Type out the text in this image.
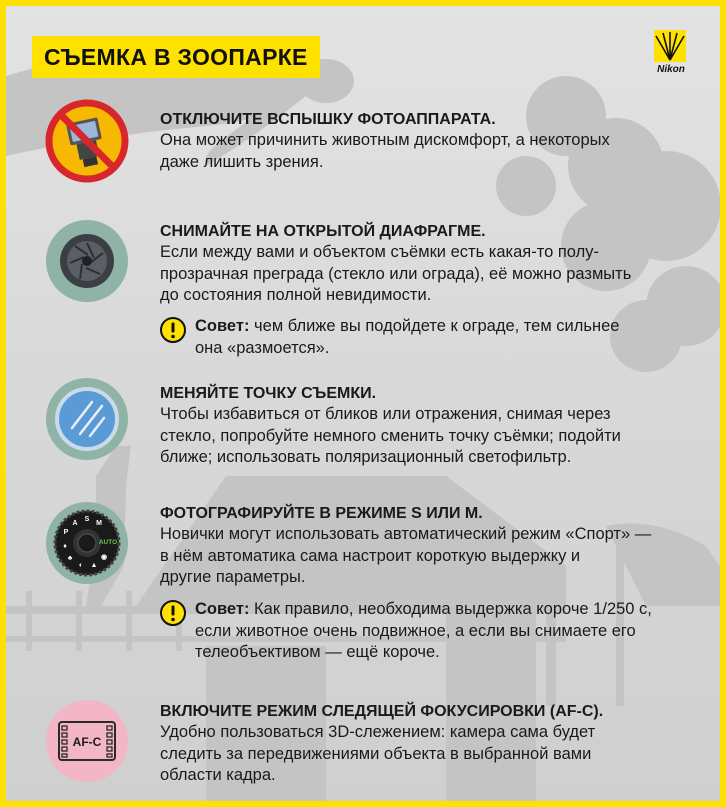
СЪЕМКА В ЗООПАРКЕ	Nikon

ОТКЛЮЧИТЕ ВСПЫШКУ ФОТОАППАРАТА.

Она может причинить животным дискомфорт, а некоторых

даже лишить зрения.

СНИМАЙТЕ НА ОТКРЫТОЙ ДИАФРАГМЕ.

Если между вами и объектом съёмки есть какая-то полу-

прозрачная преграда (стекло или ограда), её можно размыть

до состояния полной невидимости.

Совет: чем ближе вы подойдете к ограде, тем сильнее
она «размоется».

МЕНЯЙТЕ ТОЧКУ СЪЕМКИ.

Чтобы избавиться от бликов или отражения, снимая через

стекло, попробуйте немного сменить точку съёмки; подойти

ближе; использовать поляризационный светофильтр.

S
M
A
P
♦
♣
◐ ▲
◉
AUTO

ФОТОГРАФИРУЙТЕ В РЕЖИМЕ S ИЛИ M.

Новички могут использовать автоматический режим «Спорт» —

в нём автоматика сама настроит короткую выдержку и

другие параметры.

Совет: Как правило, необходима выдержка короче 1/250 с,
если животное очень подвижное, а если вы снимаете его
телеобъективом — ещё короче.
AF-C

ВКЛЮЧИТЕ РЕЖИМ СЛЕДЯЩЕЙ ФОКУСИРОВКИ (AF-C).

Удобно пользоваться 3D-слежением: камера сама будет

следить за передвижениями объекта в выбранной вами

области кадра.
